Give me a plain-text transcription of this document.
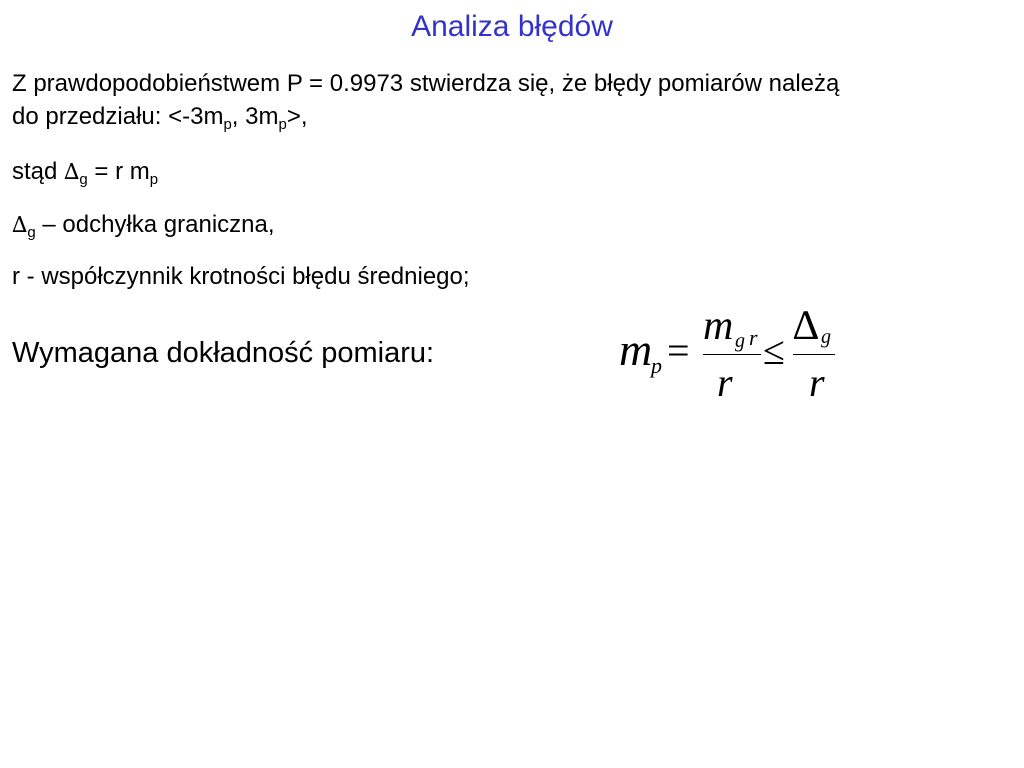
Analiza błędów
Z prawdopodobieństwem P = 0.9973 stwierdza się, że błędy pomiarów należą
do przedziału: $<-3m_p$, $3m_p>$,
stąd $\Delta_g = r$ $m_p$
$\Delta_g$ – odchyłka graniczna,
r - współczynnik krotności błędu średniego;
Wymagana dokładność pomiaru:	m
p =
m g r
r
≤
∆ g
r
